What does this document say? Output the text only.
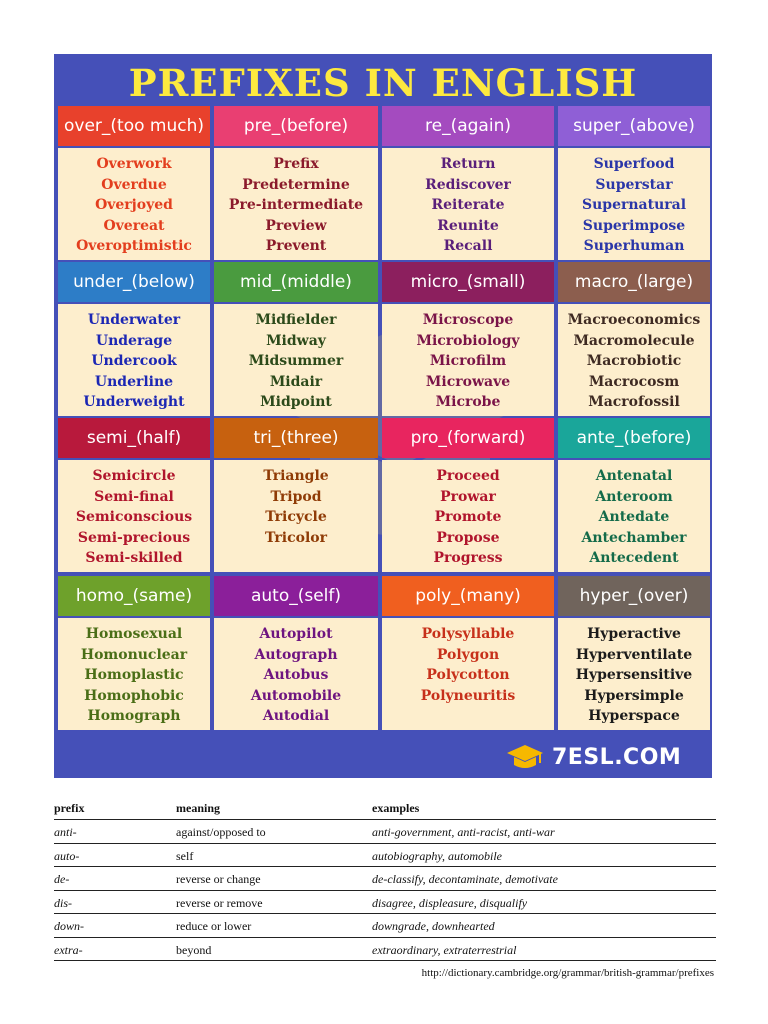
PREFIXES IN ENGLISH
over_(too much)
Overwork
Overdue
Overjoyed
Overeat
Overoptimistic
pre_(before)
Prefix
Predetermine
Pre-intermediate
Preview
Prevent
re_(again)
Return
Rediscover
Reiterate
Reunite
Recall
super_(above)
Superfood
Superstar
Supernatural
Superimpose
Superhuman
under_(below)
Underwater
Underage
Undercook
Underline
Underweight
mid_(middle)
Midfielder
Midway
Midsummer
Midair
Midpoint
micro_(small)
Microscope
Microbiology
Microfilm
Microwave
Microbe
macro_(large)
Macroeconomics
Macromolecule
Macrobiotic
Macrocosm
Macrofossil
semi_(half)
Semicircle
Semi-final
Semiconscious
Semi-precious
Semi-skilled
tri_(three)
Triangle
Tripod
Tricycle
Tricolor
pro_(forward)
Proceed
Prowar
Promote
Propose
Progress
ante_(before)
Antenatal
Anteroom
Antedate
Antechamber
Antecedent
homo_(same)
Homosexual
Homonuclear
Homoplastic
Homophobic
Homograph
auto_(self)
Autopilot
Autograph
Autobus
Automobile
Autodial
poly_(many)
Polysyllable
Polygon
Polycotton
Polyneuritis
hyper_(over)
Hyperactive
Hyperventilate
Hypersensitive
Hypersimple
Hyperspace
7ESL.COM
prefix	meaning	examples
anti-	against/opposed to	anti-government, anti-racist, anti-war
auto-	self	autobiography, automobile
de-	reverse or change	de-classify, decontaminate, demotivate
dis-	reverse or remove	disagree, displeasure, disqualify
down-	reduce or lower	downgrade, downhearted
extra-	beyond	extraordinary, extraterrestrial
http://dictionary.cambridge.org/grammar/british-grammar/prefixes
